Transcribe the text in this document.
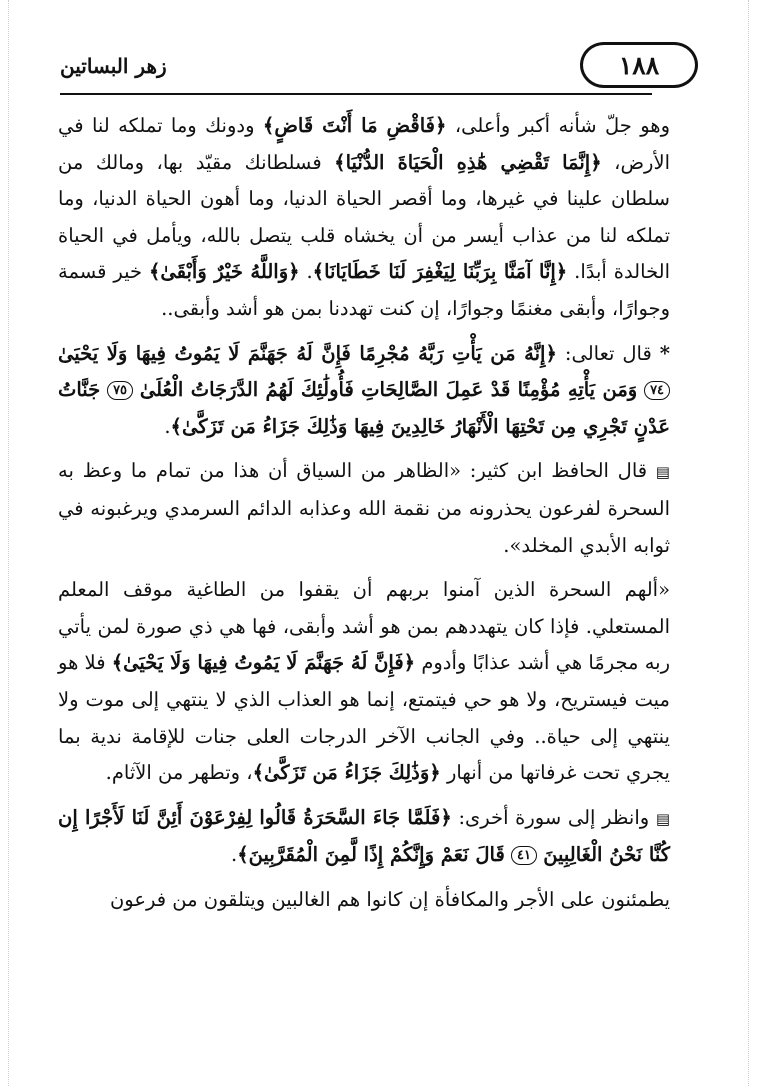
١٨٨
زهر البساتين

وهو جلّ شأنه أكبر وأعلى، ﴿فَاقْضِ مَا أَنْتَ قَاضٍ﴾ ودونك وما تملكه لنا في الأرض، ﴿إِنَّمَا تَقْضِي هَٰذِهِ الْحَيَاةَ الدُّنْيَا﴾ فسلطانك مقيّد بها، ومالك من سلطان علينا في غيرها، وما أقصر الحياة الدنيا، وما أهون الحياة الدنيا، وما تملكه لنا من عذاب أيسر من أن يخشاه قلب يتصل بالله، ويأمل في الحياة الخالدة أبدًا. ﴿إِنَّا آمَنَّا بِرَبِّنَا لِيَغْفِرَ لَنَا خَطَايَانَا﴾. ﴿وَاللَّهُ خَيْرٌ وَأَبْقَىٰ﴾ خير قسمة وجوارًا، وأبقى مغنمًا وجوارًا، إن كنت تهددنا بمن هو أشد وأبقى..

* قال تعالى: ﴿إِنَّهُ مَن يَأْتِ رَبَّهُ مُجْرِمًا فَإِنَّ لَهُ جَهَنَّمَ لَا يَمُوتُ فِيهَا وَلَا يَحْيَىٰ ٧٤ وَمَن يَأْتِهِ مُؤْمِنًا قَدْ عَمِلَ الصَّالِحَاتِ فَأُولَٰئِكَ لَهُمُ الدَّرَجَاتُ الْعُلَىٰ ٧٥ جَنَّاتُ عَدْنٍ تَجْرِي مِن تَحْتِهَا الْأَنْهَارُ خَالِدِينَ فِيهَا وَذَٰلِكَ جَزَاءُ مَن تَزَكَّىٰ﴾.

▤ قال الحافظ ابن كثير: «الظاهر من السياق أن هذا من تمام ما وعظ به السحرة لفرعون يحذرونه من نقمة الله وعذابه الدائم السرمدي ويرغبونه في ثوابه الأبدي المخلد».

«ألهم السحرة الذين آمنوا بربهم أن يقفوا من الطاغية موقف المعلم المستعلي. فإذا كان يتهددهم بمن هو أشد وأبقى، فها هي ذي صورة لمن يأتي ربه مجرمًا هي أشد عذابًا وأدوم ﴿فَإِنَّ لَهُ جَهَنَّمَ لَا يَمُوتُ فِيهَا وَلَا يَحْيَىٰ﴾ فلا هو ميت فيستريح، ولا هو حي فيتمتع، إنما هو العذاب الذي لا ينتهي إلى موت ولا ينتهي إلى حياة.. وفي الجانب الآخر الدرجات العلى جنات للإقامة ندية بما يجري تحت غرفاتها من أنهار ﴿وَذَٰلِكَ جَزَاءُ مَن تَزَكَّىٰ﴾، وتطهر من الآثام.

▤ وانظر إلى سورة أخرى: ﴿فَلَمَّا جَاءَ السَّحَرَةُ قَالُوا لِفِرْعَوْنَ أَئِنَّ لَنَا لَأَجْرًا إِن كُنَّا نَحْنُ الْغَالِبِينَ ٤١ قَالَ نَعَمْ وَإِنَّكُمْ إِذًا لَّمِنَ الْمُقَرَّبِينَ﴾.

يطمئنون على الأجر والمكافأة إن كانوا هم الغالبين ويتلقون من فرعون
